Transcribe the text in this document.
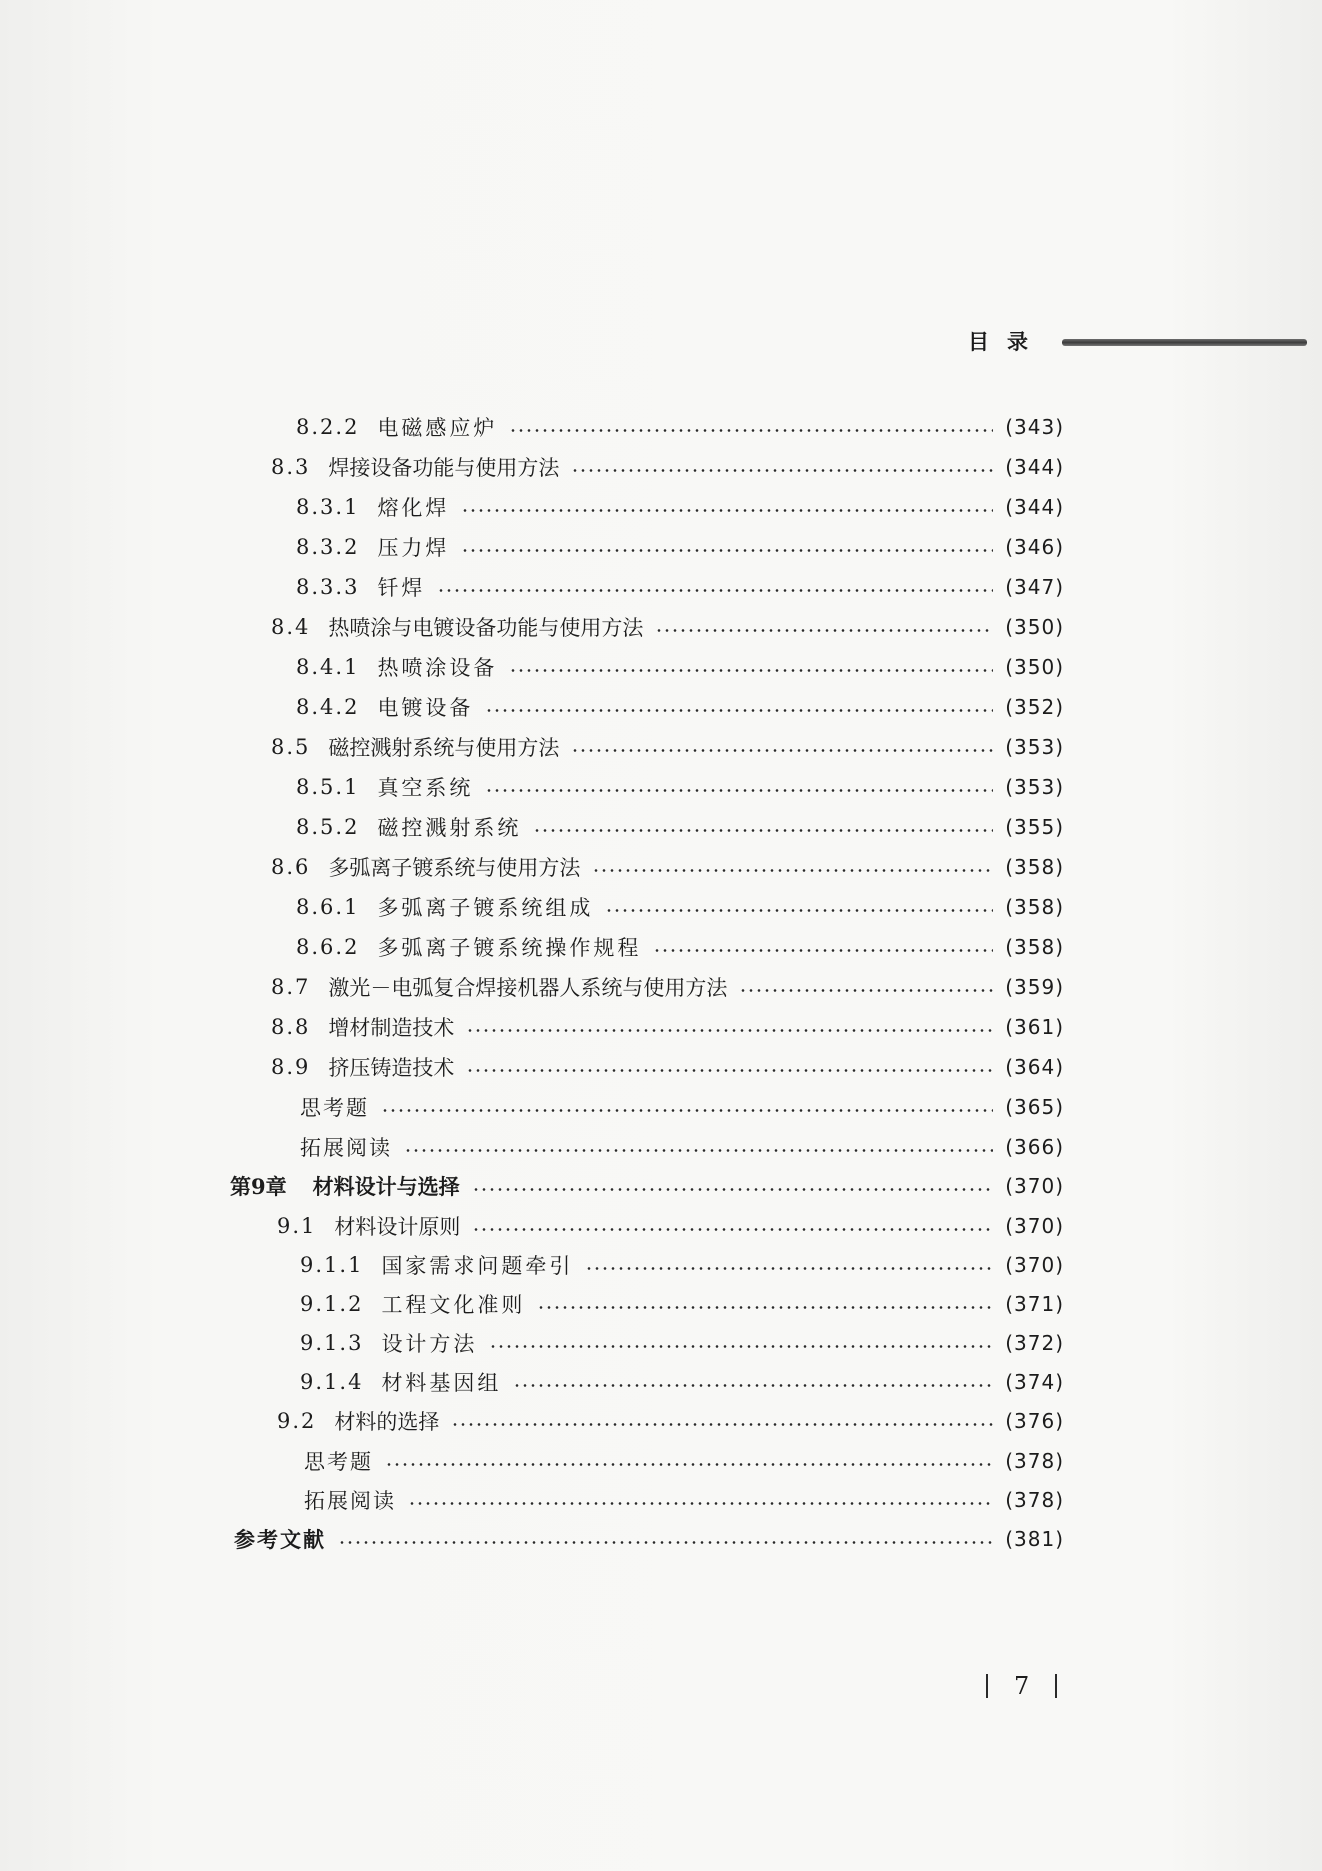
目录
8.2.2 电磁感应炉	(343)
8.3 焊接设备功能与使用方法	(344)
8.3.1 熔化焊	(344)
8.3.2 压力焊	(346)
8.3.3 钎焊	(347)
8.4 热喷涂与电镀设备功能与使用方法	(350)
8.4.1 热喷涂设备	(350)
8.4.2 电镀设备	(352)
8.5 磁控溅射系统与使用方法	(353)
8.5.1 真空系统	(353)
8.5.2 磁控溅射系统	(355)
8.6 多弧离子镀系统与使用方法	(358)
8.6.1 多弧离子镀系统组成	(358)
8.6.2 多弧离子镀系统操作规程	(358)
8.7 激光－电弧复合焊接机器人系统与使用方法	(359)
8.8 增材制造技术	(361)
8.9 挤压铸造技术	(364)
思考题	(365)
拓展阅读	(366)
第9章 材料设计与选择	(370)
9.1 材料设计原则	(370)
9.1.1 国家需求问题牵引	(370)
9.1.2 工程文化准则	(371)
9.1.3 设计方法	(372)
9.1.4 材料基因组	(374)
9.2 材料的选择	(376)
思考题	(378)
拓展阅读	(378)
参考文献	(381)
7
